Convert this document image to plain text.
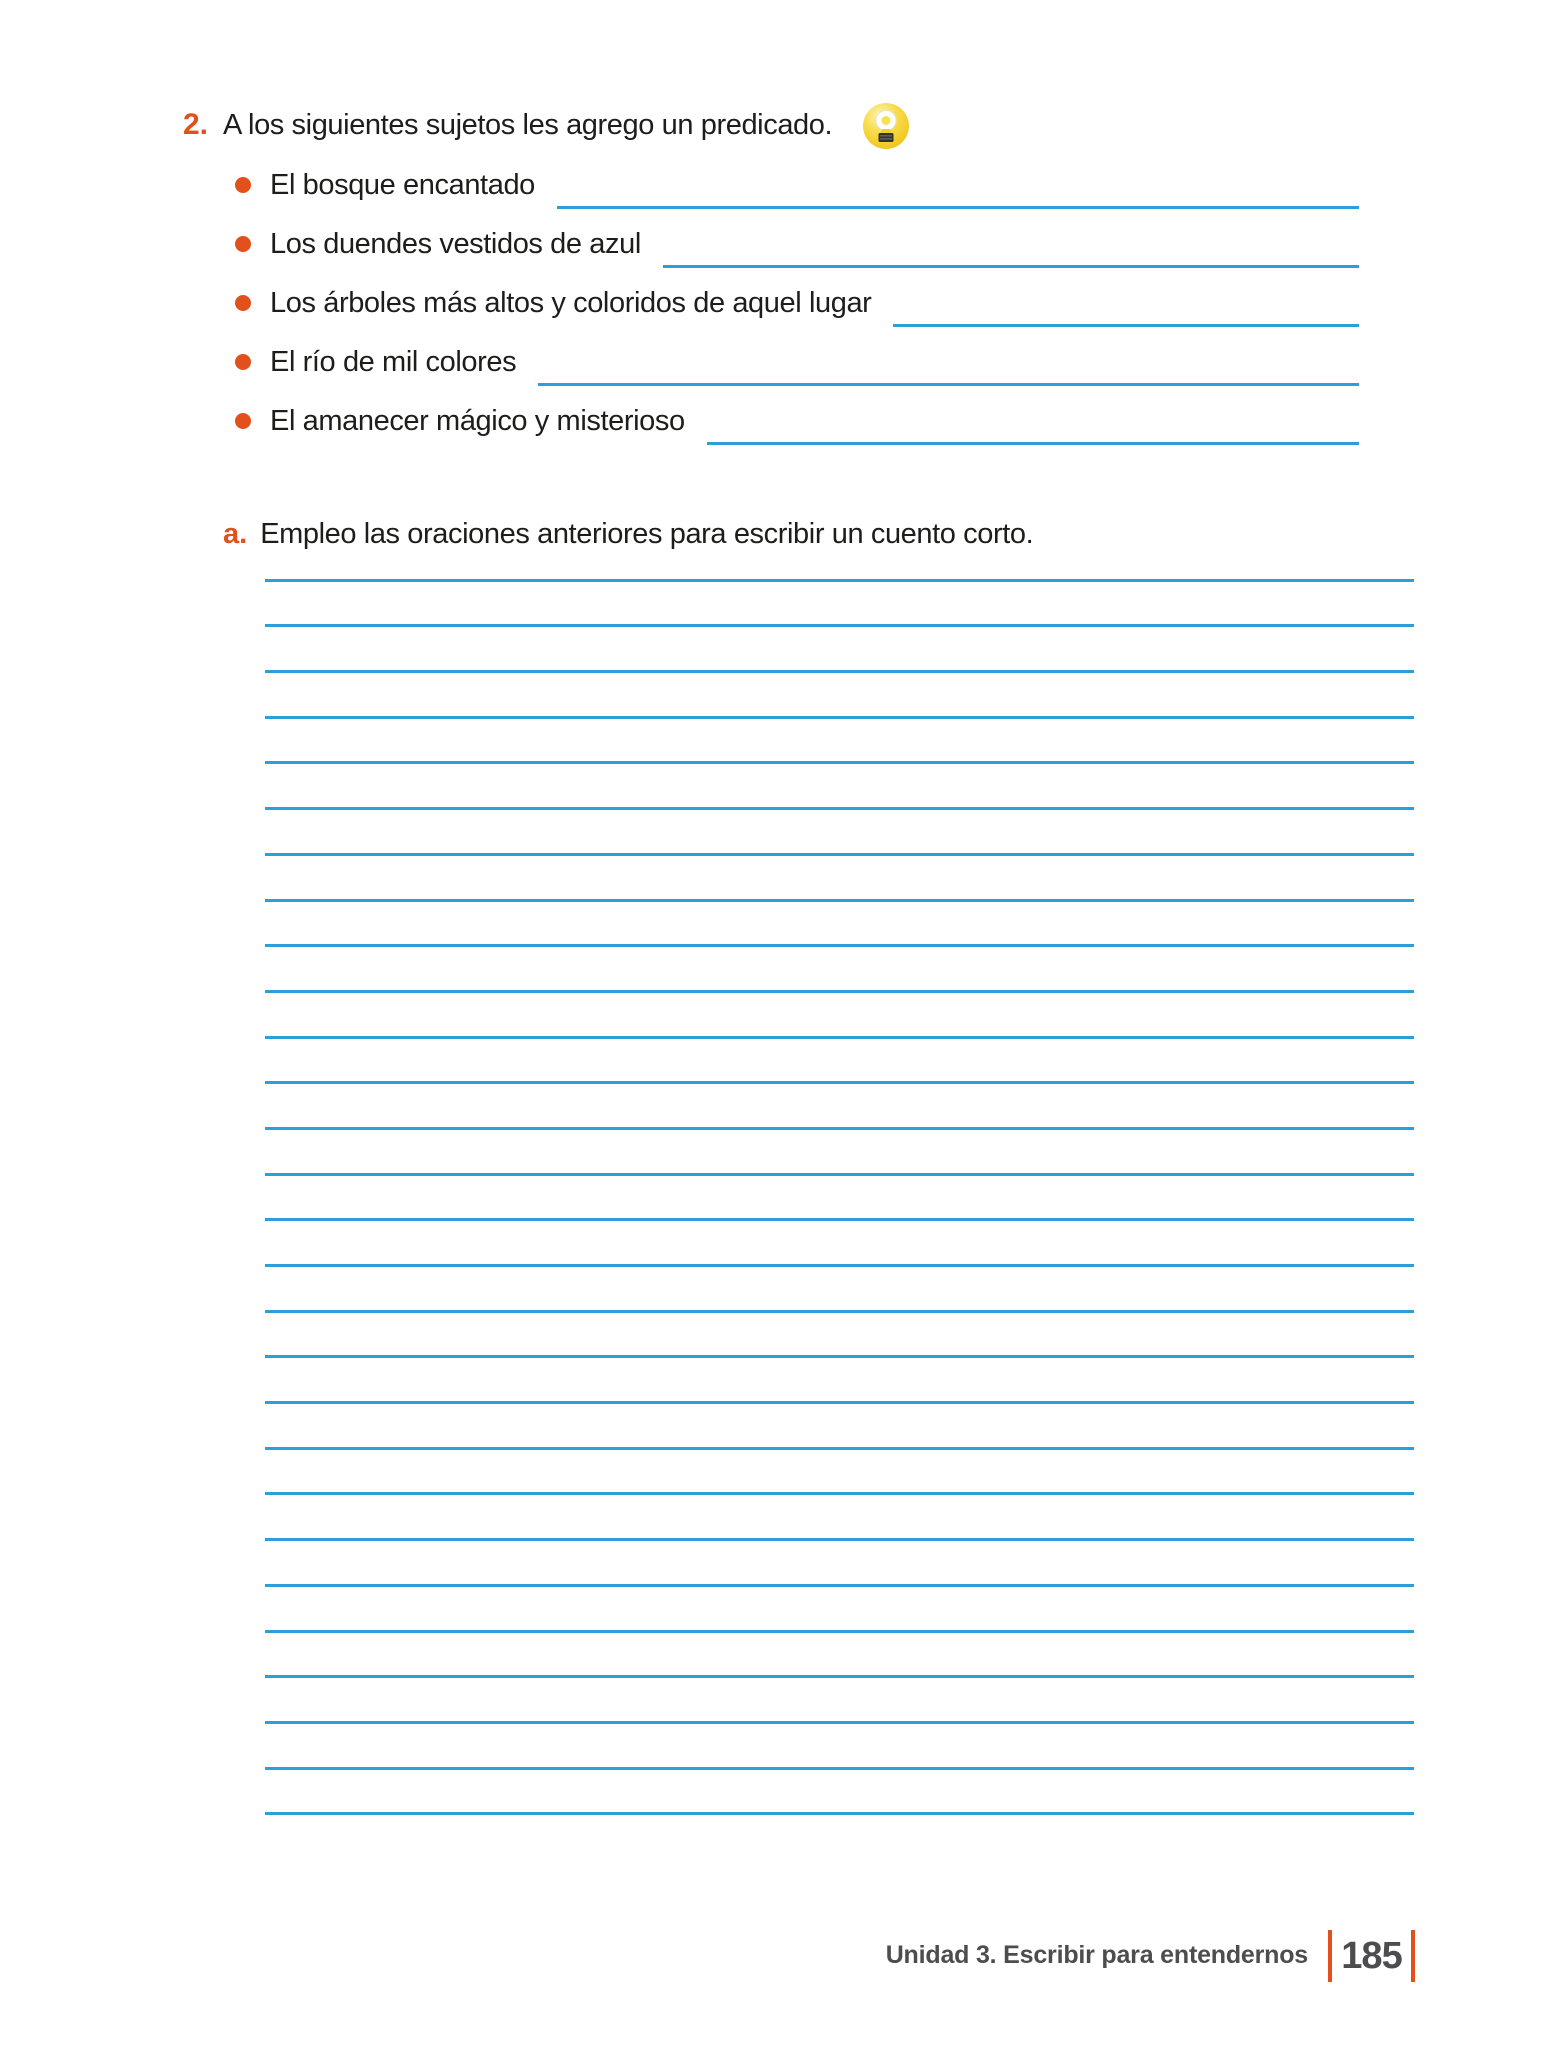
2. A los siguientes sujetos les agrego un predicado.
El bosque encantado
Los duendes vestidos de azul
Los árboles más altos y coloridos de aquel lugar
El río de mil colores
El amanecer mágico y misterioso
a. Empleo las oraciones anteriores para escribir un cuento corto.
Unidad 3. Escribir para entendernos 185
